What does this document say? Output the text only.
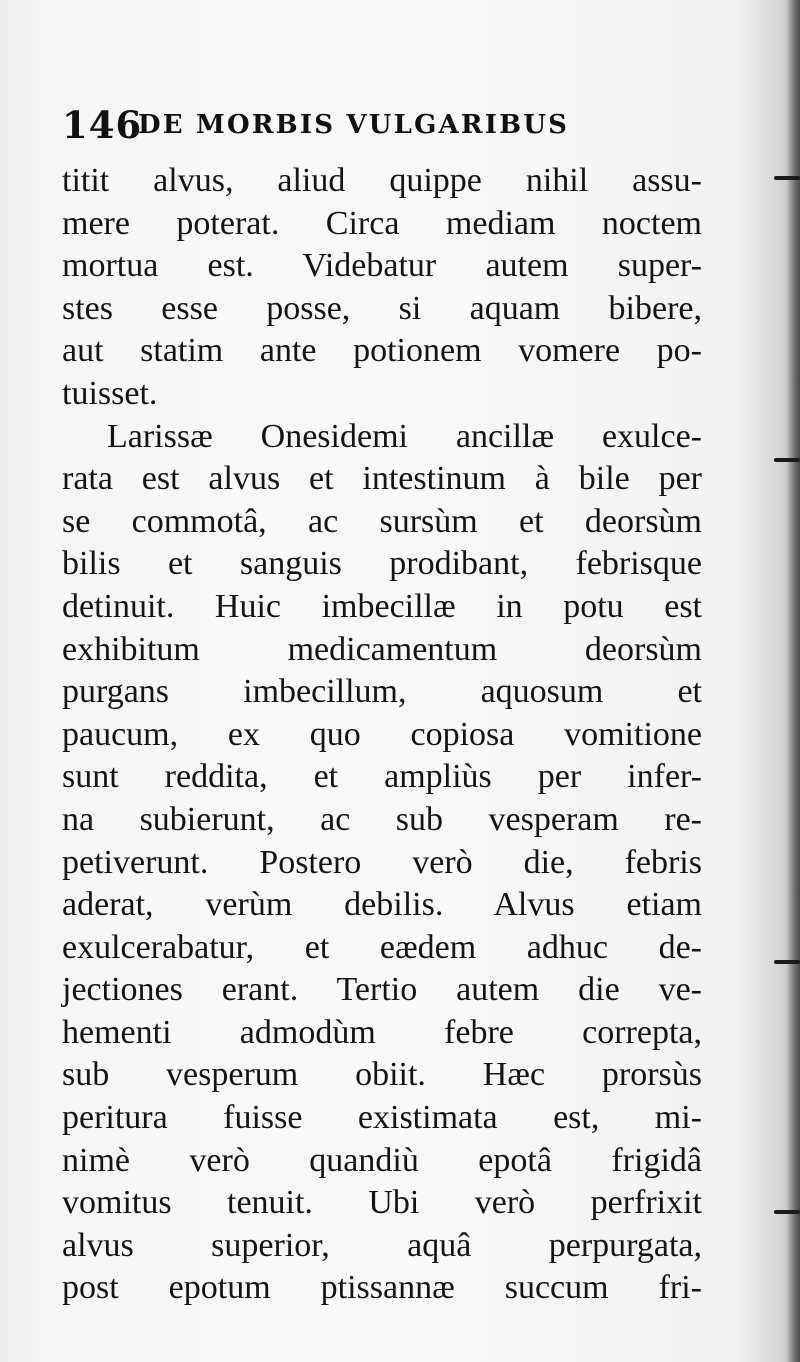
146
DE MORBIS VULGARIBUS
titit alvus, aliud quippe nihil assu-
mere poterat. Circa mediam noctem
mortua est. Videbatur autem super-
stes esse posse, si aquam bibere,
aut statim ante potionem vomere po-
tuisset.
Larissæ Onesidemi ancillæ exulce-
rata est alvus et intestinum à bile per
se commotâ, ac sursùm et deorsùm
bilis et sanguis prodibant, febrisque
detinuit. Huic imbecillæ in potu est
exhibitum medicamentum deorsùm
purgans imbecillum, aquosum et
paucum, ex quo copiosa vomitione
sunt reddita, et ampliùs per infer-
na subierunt, ac sub vesperam re-
petiverunt. Postero verò die, febris
aderat, verùm debilis. Alvus etiam
exulcerabatur, et eædem adhuc de-
jectiones erant. Tertio autem die ve-
hementi admodùm febre correpta,
sub vesperum obiit. Hæc prorsùs
peritura fuisse existimata est, mi-
nimè verò quandiù epotâ frigidâ
vomitus tenuit. Ubi verò perfrixit
alvus superior, aquâ perpurgata,
post epotum ptissannæ succum fri-
